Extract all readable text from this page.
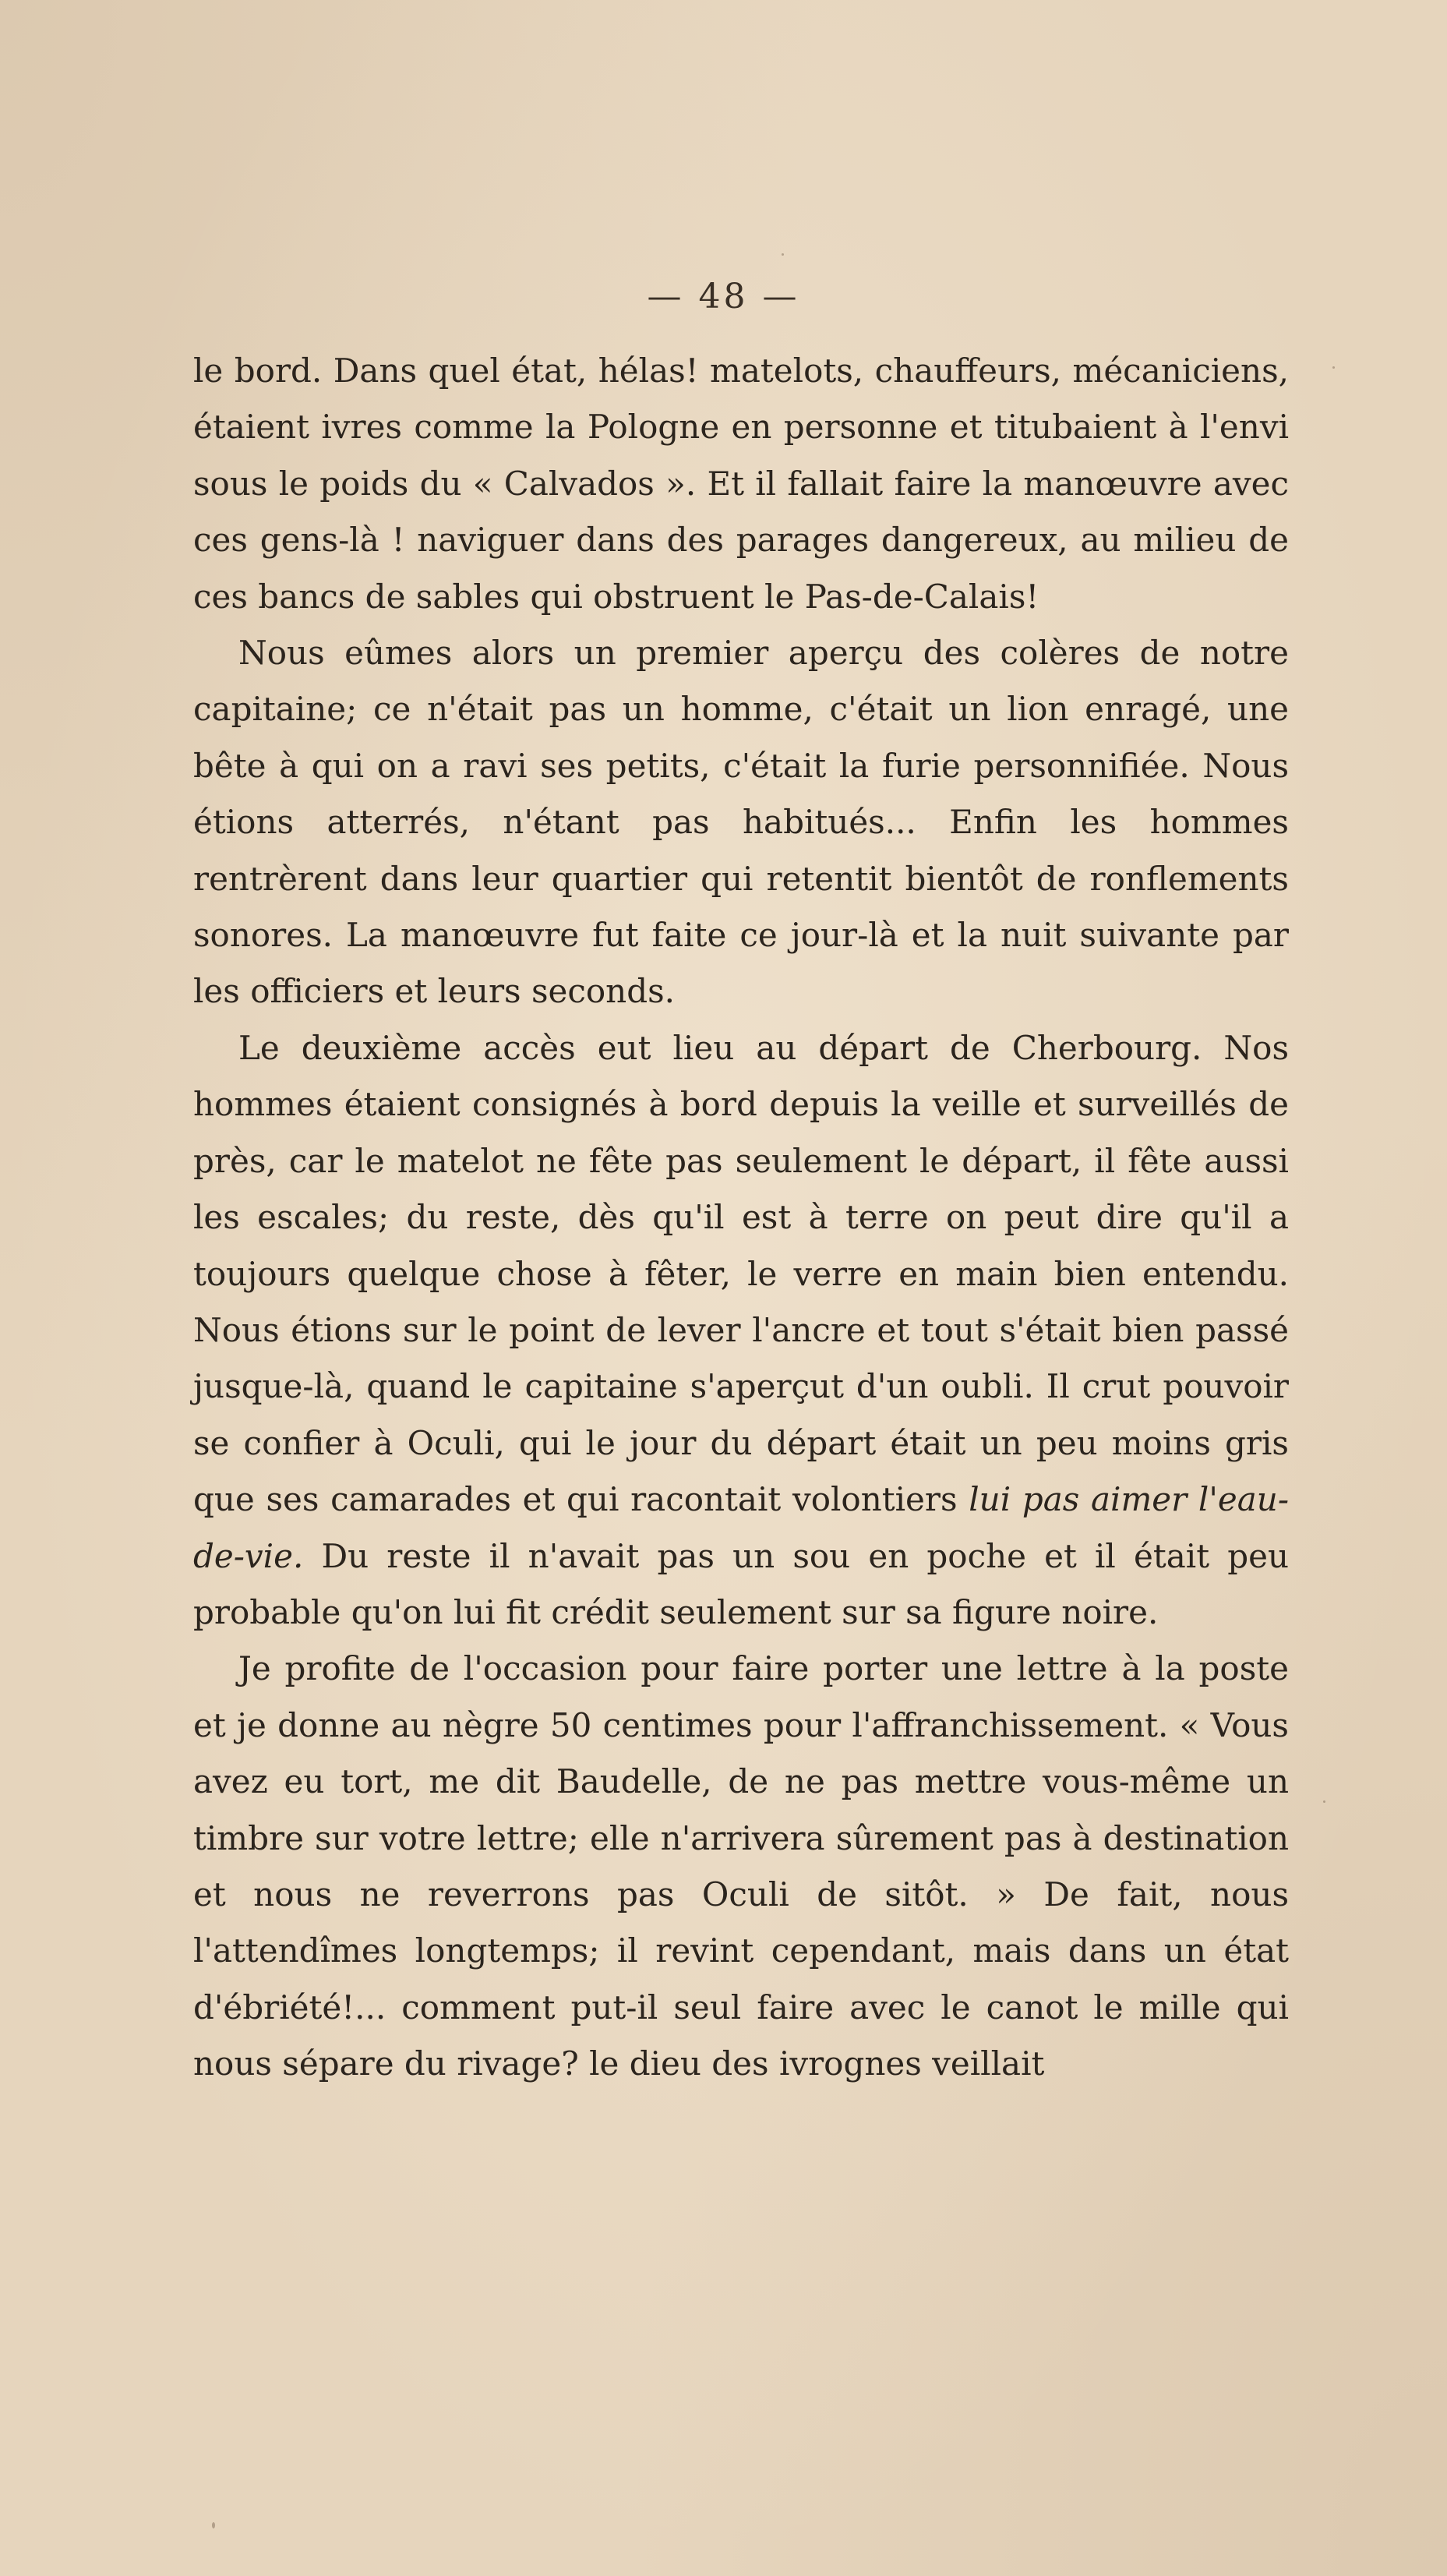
— 48 —

le bord. Dans quel état, hélas! matelots, chauffeurs, mécaniciens, étaient ivres comme la Pologne en personne et titubaient à l'envi sous le poids du « Calvados ». Et il fallait faire la manœuvre avec ces gens-là ! naviguer dans des parages dangereux, au milieu de ces bancs de sables qui obstruent le Pas-de-Calais!

Nous eûmes alors un premier aperçu des colères de notre capitaine; ce n'était pas un homme, c'était un lion enragé, une bête à qui on a ravi ses petits, c'était la furie personnifiée. Nous étions atterrés, n'étant pas habitués... Enfin les hommes rentrèrent dans leur quartier qui retentit bientôt de ronflements sonores. La manœuvre fut faite ce jour-là et la nuit suivante par les officiers et leurs seconds.

Le deuxième accès eut lieu au départ de Cherbourg. Nos hommes étaient consignés à bord depuis la veille et surveillés de près, car le matelot ne fête pas seulement le départ, il fête aussi les escales; du reste, dès qu'il est à terre on peut dire qu'il a toujours quelque chose à fêter, le verre en main bien entendu. Nous étions sur le point de lever l'ancre et tout s'était bien passé jusque-là, quand le capitaine s'aperçut d'un oubli. Il crut pouvoir se confier à Oculi, qui le jour du départ était un peu moins gris que ses camarades et qui racontait volontiers lui pas aimer l'eau-de-vie. Du reste il n'avait pas un sou en poche et il était peu probable qu'on lui fit crédit seulement sur sa figure noire.

Je profite de l'occasion pour faire porter une lettre à la poste et je donne au nègre 50 centimes pour l'affranchissement. « Vous avez eu tort, me dit Baudelle, de ne pas mettre vous-même un timbre sur votre lettre; elle n'arrivera sûrement pas à destination et nous ne reverrons pas Oculi de sitôt. » De fait, nous l'attendîmes longtemps; il revint cependant, mais dans un état d'ébriété!... comment put-il seul faire avec le canot le mille qui nous sépare du rivage? le dieu des ivrognes veillait
